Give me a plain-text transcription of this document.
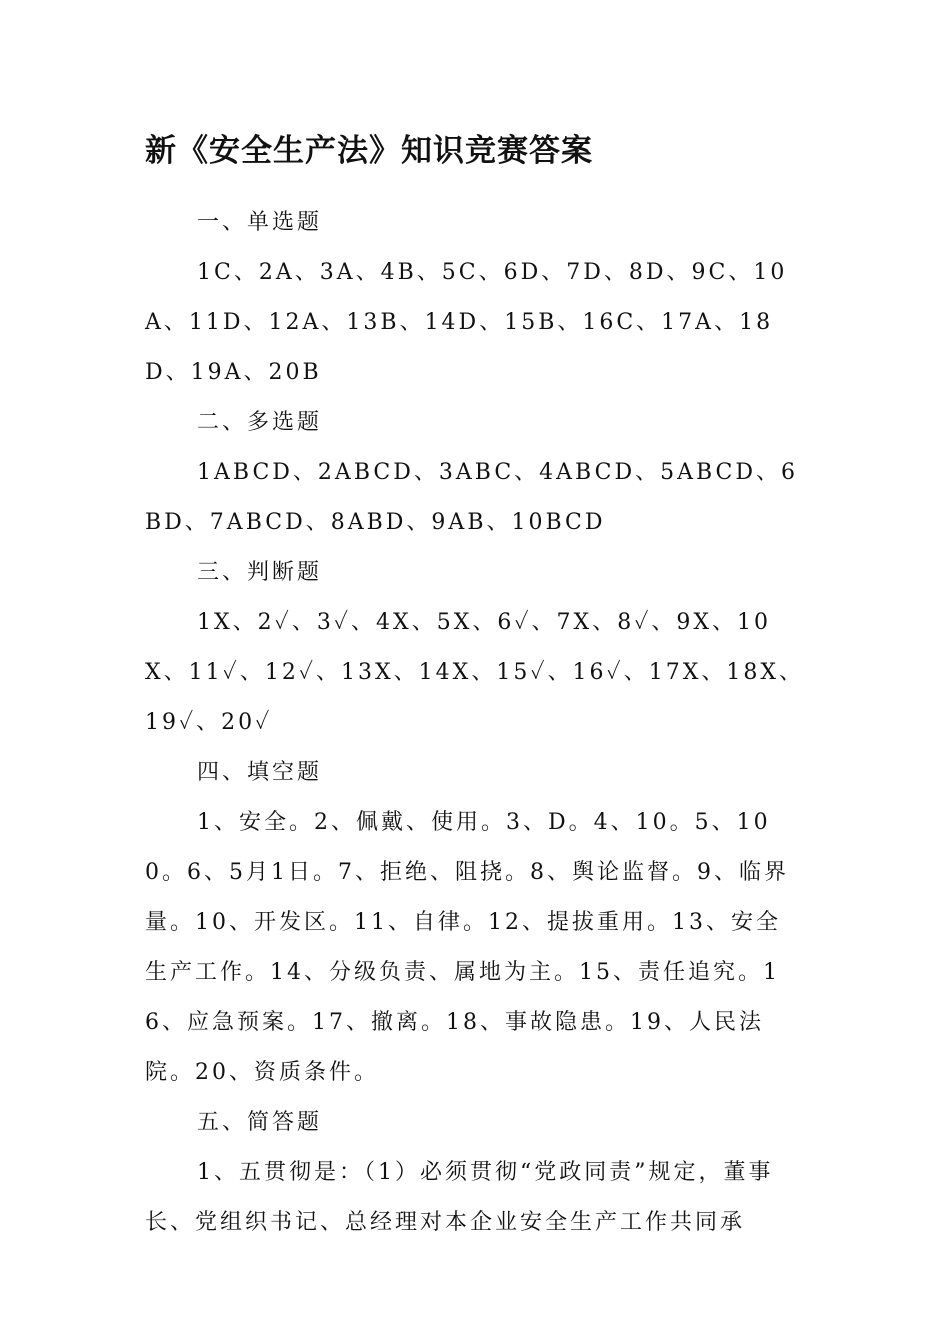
新《安全生产法》知识竞赛答案

一、单选题

1C、2A、3A、4B、5C、6D、7D、8D、9C、10A、11D、12A、13B、14D、15B、16C、17A、18D、19A、20B

二、多选题

1ABCD、2ABCD、3ABC、4ABCD、5ABCD、6BD、7ABCD、8ABD、9AB、10BCD

三、判断题

1X、2✓、3✓、4X、5X、6✓、7X、8✓、9X、10X、11✓、12✓、13X、14X、15✓、16✓、17X、18X、19✓、20✓

四、填空题

1、安全。2、佩戴、使用。3、D。4、10。5、100。6、5月1日。7、拒绝、阻挠。8、舆论监督。9、临界量。10、开发区。11、自律。12、提拔重用。13、安全生产工作。14、分级负责、属地为主。15、责任追究。16、应急预案。17、撤离。18、事故隐患。19、人民法院。20、资质条件。

五、简答题

1、五贯彻是：（1）必须贯彻“党政同责”规定，董事长、党组织书记、总经理对本企业安全生产工作共同承
